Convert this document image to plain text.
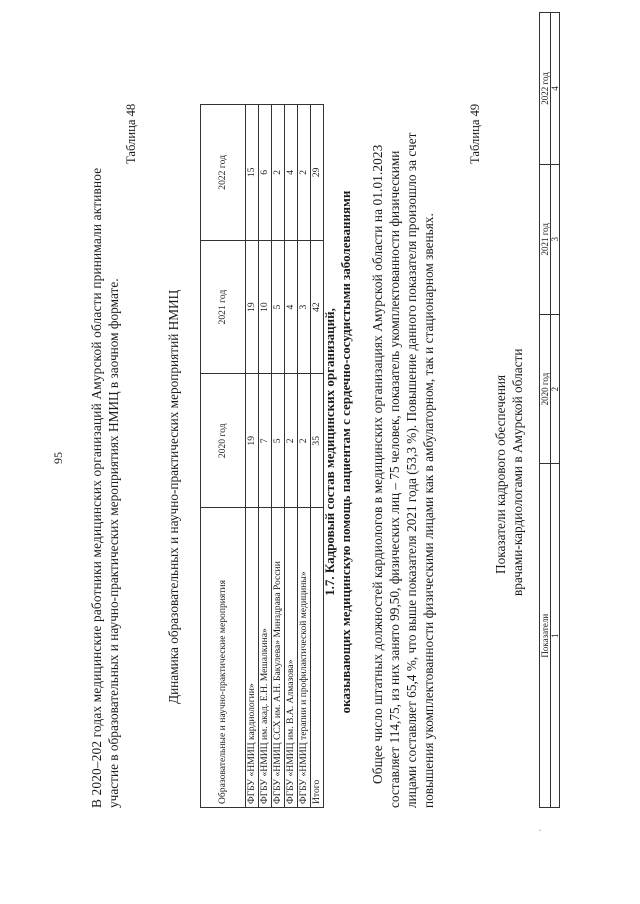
95 В 2020–202 годах медицинские работники медицинских организаций Амурской области принимали активное участие в образовательных и научно-практических мероприятиях НМИЦ в заочном формате.
Таблица 48
Динамика образовательных и научно-практических мероприятий НМИЦ	Образовательные и научно-практические мероприятия	2020 год	2021 год	2022 год
ФГБУ «НМИЦ кардиологии»	19	19	15
ФГБУ «НМИЦ им. акад. Е.Н. Мешалкина»	7	10	6
ФГБУ «НМИЦ ССХ им. А.Н. Бакулева» Минздрава России	5	5	2
ФГБУ «НМИЦ им. В.А. Алмазова»	2	4	4
ФГБУ «НМИЦ терапии и профилактической медицины»	2	3	2
Итого	35	42	29
1.7. Кадровый состав медицинских организаций, оказывающих медицинскую помощь пациентам с сердечно-сосудистыми заболеваниями Общее число штатных должностей кардиологов в медицинских организациях Амурской области на 01.01.2023 составляет 114,75, из них занято 99,50, физических лиц – 75 человек, показатель укомплектованности физическими лицами составляет 65,4 %, что выше показателя 2021 года (53,3 %). Повышение данного показателя произошло за счет повышения укомплектованности физическими лицами как в амбулаторном, так и стационарном звеньях.
Таблица 49
Показатели кадрового обеспечения врачами-кардиологами в Амурской области
Показатели	2020 год	2021 год	2022 год
1	2	3	4
`
